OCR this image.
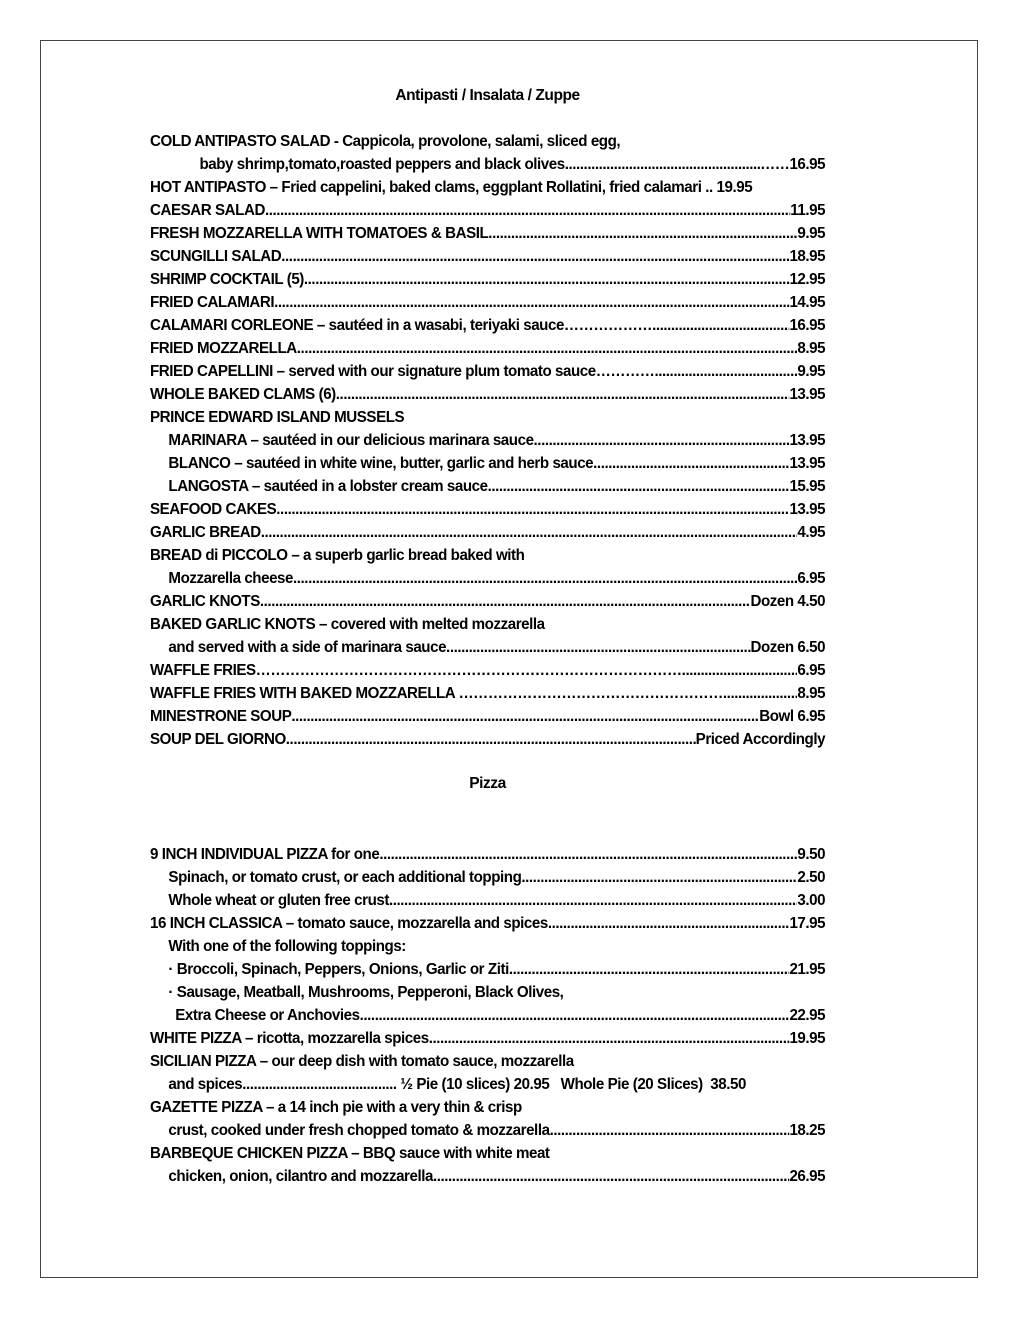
Antipasti / Insalata / Zuppe
COLD ANTIPASTO SALAD - Cappicola, provolone, salami, sliced egg,
baby shrimp,tomato,roasted peppers and black olives .....	……16.95
HOT ANTIPASTO – Fried cappelini, baked clams, eggplant Rollatini, fried calamari .. 19.95
CAESAR SALAD .....	11.95
FRESH MOZZARELLA WITH TOMATOES & BASIL .....	9.95
SCUNGILLI SALAD .....	18.95
SHRIMP COCKTAIL (5) .....	12.95
FRIED CALAMARI .....	14.95
CALAMARI CORLEONE – sautéed in a wasabi, teriyaki sauce……………… .....	16.95
FRIED MOZZARELLA .....	8.95
FRIED CAPELLINI – served with our signature plum tomato sauce………… .....	9.95
WHOLE BAKED CLAMS (6) .....	13.95
PRINCE EDWARD ISLAND MUSSELS
MARINARA – sautéed in our delicious marinara sauce .....	13.95
BLANCO – sautéed in white wine, butter, garlic and herb sauce .....	13.95
LANGOSTA – sautéed in a lobster cream sauce .....	15.95
SEAFOOD CAKES .....	13.95
GARLIC BREAD .....	4.95
BREAD di PICCOLO – a superb garlic bread baked with
Mozzarella cheese .....	6.95
GARLIC KNOTS .....	Dozen 4.50
BAKED GARLIC KNOTS – covered with melted mozzarella
and served with a side of marinara sauce .....	Dozen 6.50
WAFFLE FRIES…………………………………………………………………………… .....	6.95
WAFFLE FRIES WITH BAKED MOZZARELLA ………………………………………………. .....	8.95
MINESTRONE SOUP .....	Bowl 6.95
SOUP DEL GIORNO .....	Priced Accordingly
Pizza
9 INCH INDIVIDUAL PIZZA for one .....	9.50
Spinach, or tomato crust, or each additional topping .....	2.50
Whole wheat or gluten free crust .....	3.00
16 INCH CLASSICA – tomato sauce, mozzarella and spices .....	17.95
With one of the following toppings:
· Broccoli, Spinach, Peppers, Onions, Garlic or Ziti .....	21.95
· Sausage, Meatball, Mushrooms, Pepperoni, Black Olives,
Extra Cheese or Anchovies .....	22.95
WHITE PIZZA – ricotta, mozzarella spices .....	19.95
SICILIAN PIZZA – our deep dish with tomato sauce, mozzarella
and spices......................................... ½ Pie (10 slices) 20.95   Whole Pie (20 Slices)  38.50
GAZETTE PIZZA – a 14 inch pie with a very thin & crisp
crust, cooked under fresh chopped tomato & mozzarella .....	18.25
BARBEQUE CHICKEN PIZZA – BBQ sauce with white meat
chicken, onion, cilantro and mozzarella .....	26.95
